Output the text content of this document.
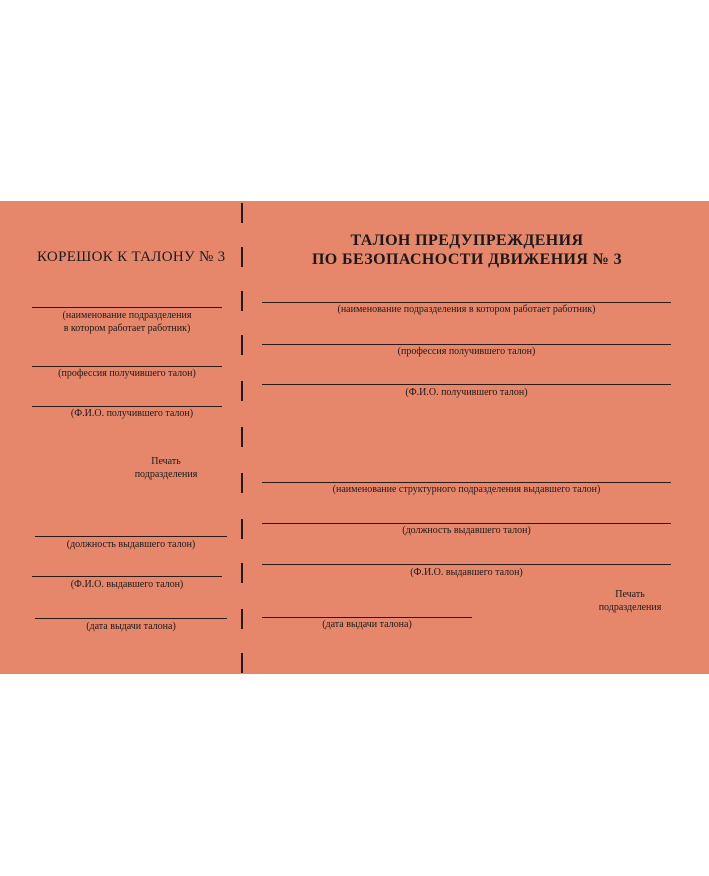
КОРЕШОК К ТАЛОНУ № 3
(наименование подразделения
в котором работает работник)
(профессия получившего талон)
(Ф.И.О. получившего талон)
Печать
подразделения
(должность выдавшего талон)
(Ф.И.О. выдавшего талон)
(дата выдачи талона)
ТАЛОН ПРЕДУПРЕЖДЕНИЯ
ПО БЕЗОПАСНОСТИ ДВИЖЕНИЯ № 3
(наименование подразделения в котором работает работник)
(профессия получившего талон)
(Ф.И.О. получившего талон)
(наименование структурного подразделения выдавшего талон)
(должность выдавшего талон)
(Ф.И.О. выдавшего талон)
Печать
подразделения
(дата выдачи талона)
